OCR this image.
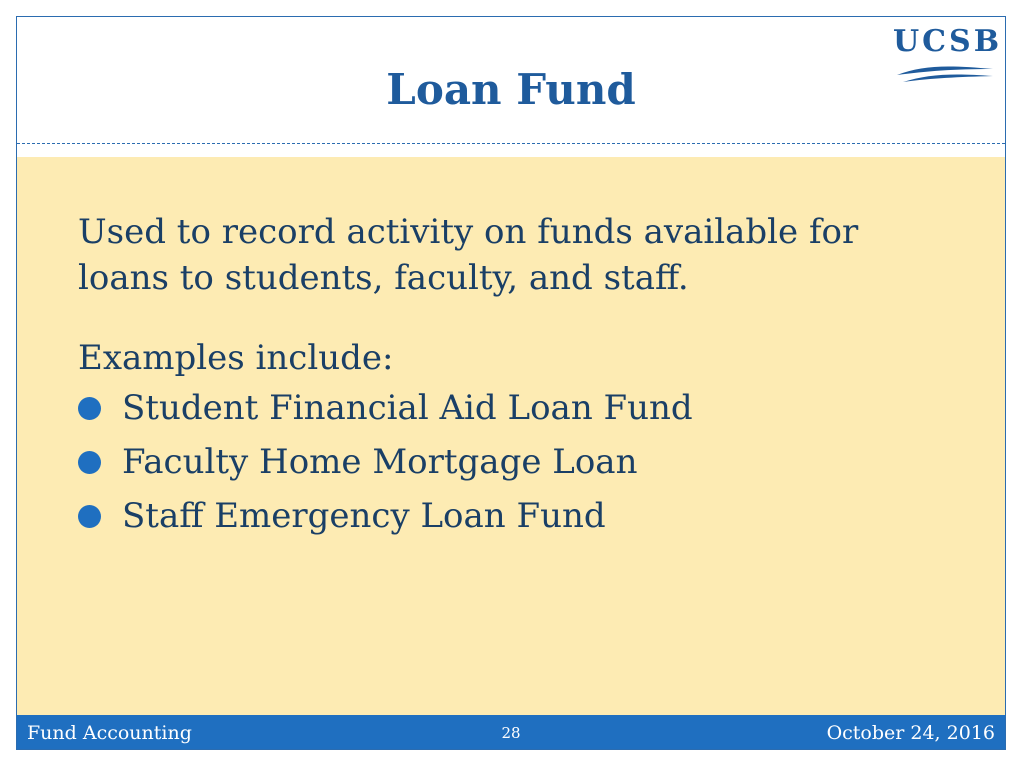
Loan Fund
UCSB

Used to record activity on funds available for loans to students, faculty, and staff.

Examples include:

Student Financial Aid Loan Fund
Faculty Home Mortgage Loan
Staff Emergency Loan Fund
Fund Accounting	28	October 24, 2016
